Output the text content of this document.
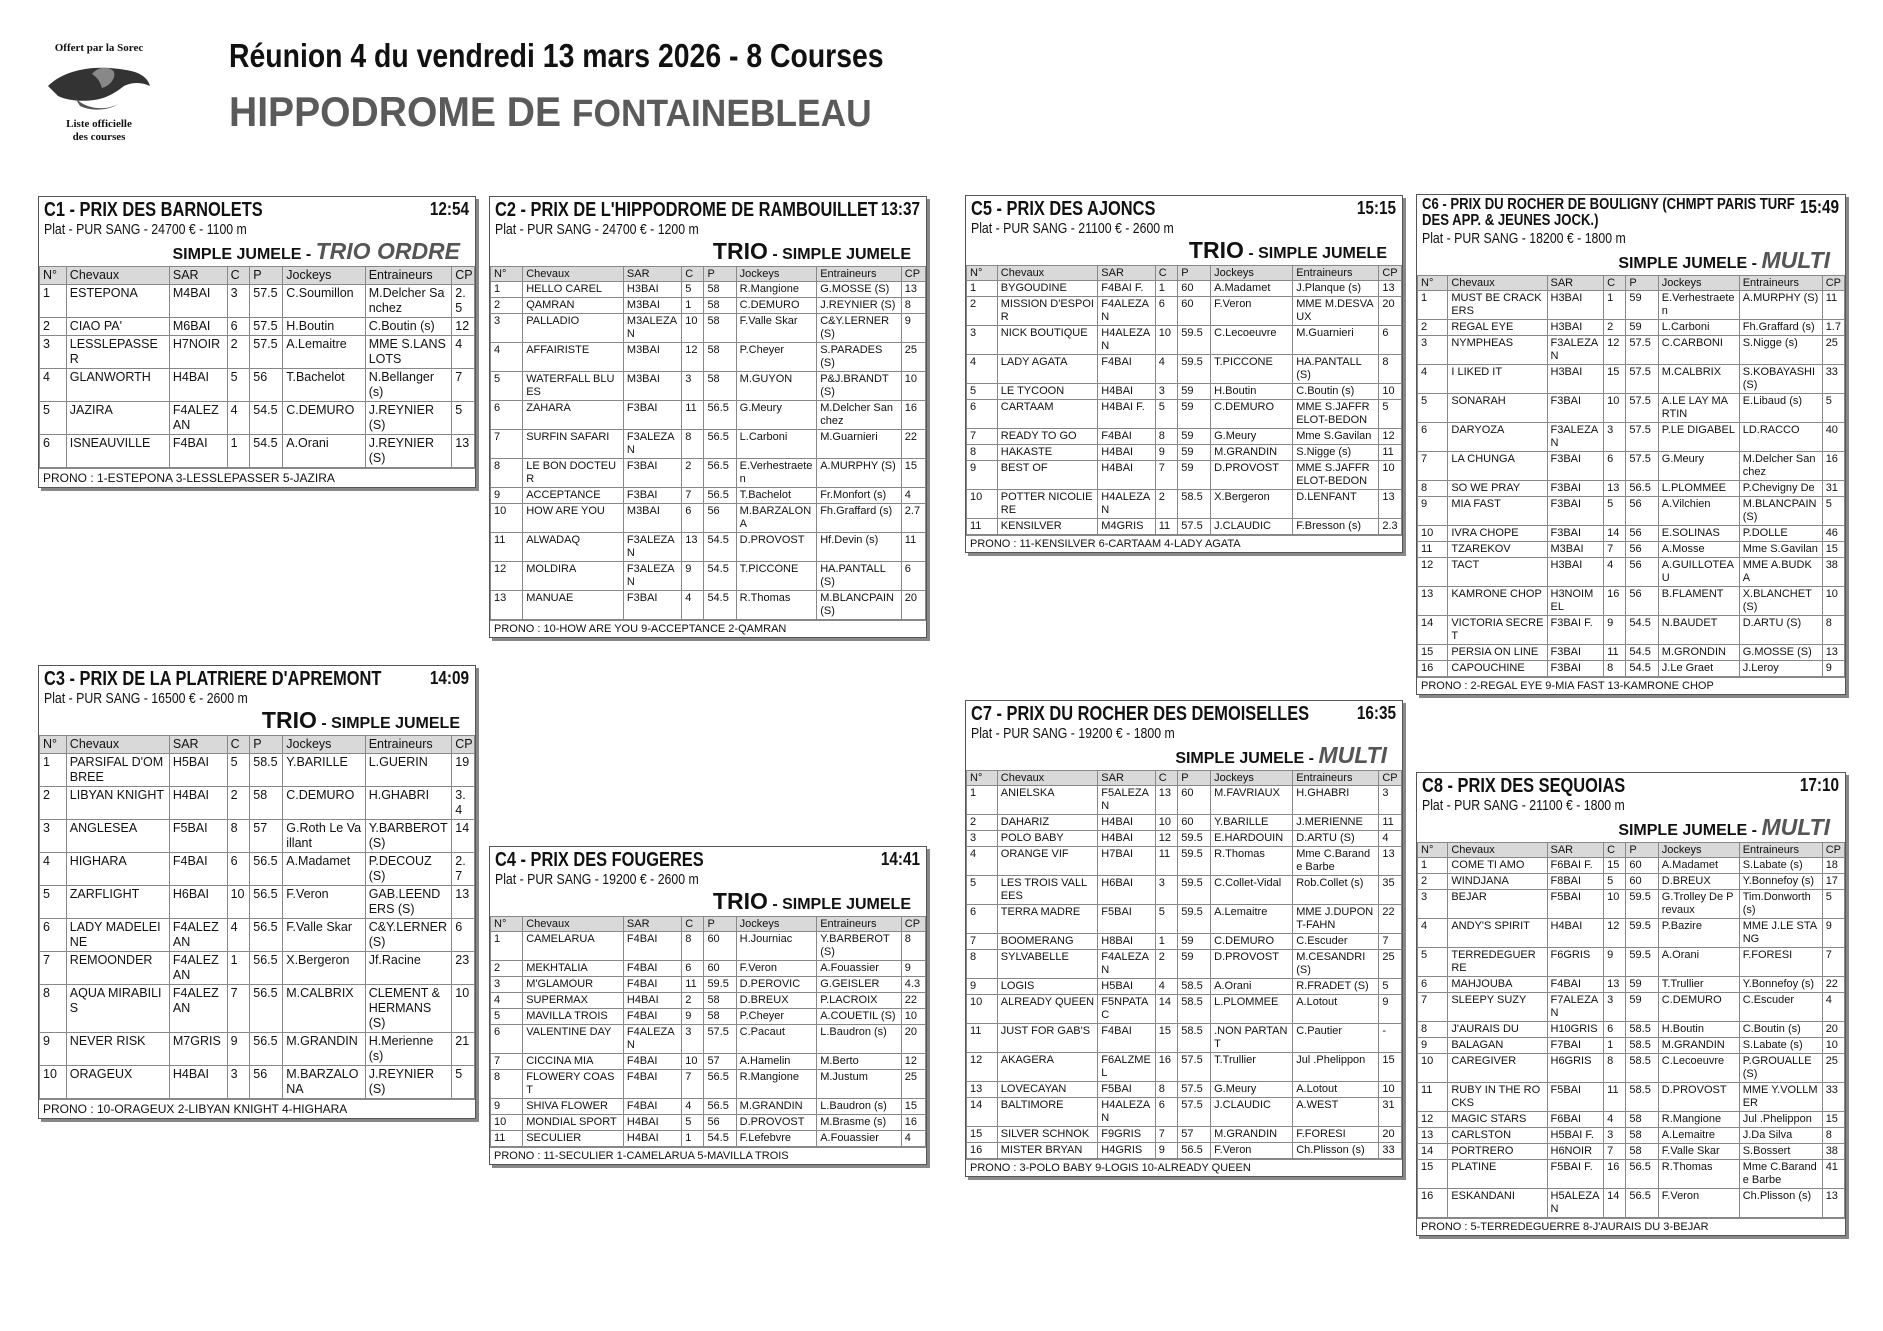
Offert par la Sorec
Liste officielle
des courses
Réunion 4 du vendredi 13 mars 2026 - 8 Courses
HIPPODROME DE FONTAINEBLEAU
C1 - PRIX DES BARNOLETS	12:54
Plat - PUR SANG - 24700 € - 1100 m
SIMPLE JUMELE - TRIO ORDRE
N°	Chevaux	SAR	C	P	Jockeys	Entraineurs	CP
1	ESTEPONA	M4BAI	3	57.5	C.Soumillon	M.Delcher Sanchez	2.5
2	CIAO PA'	M6BAI	6	57.5	H.Boutin	C.Boutin (s)	12
3	LESSLEPASSER	H7NOIR	2	57.5	A.Lemaitre	MME S.LANSLOTS	4
4	GLANWORTH	H4BAI	5	56	T.Bachelot	N.Bellanger (s)	7
5	JAZIRA	F4ALEZAN	4	54.5	C.DEMURO	J.REYNIER (S)	5
6	ISNEAUVILLE	F4BAI	1	54.5	A.Orani	J.REYNIER (S)	13
PRONO : 1-ESTEPONA 3-LESSLEPASSER 5-JAZIRA
C3 - PRIX DE LA PLATRIERE D'APREMONT	14:09
Plat - PUR SANG - 16500 € - 2600 m
TRIO - SIMPLE JUMELE
N°	Chevaux	SAR	C	P	Jockeys	Entraineurs	CP
1	PARSIFAL D'OMBREE	H5BAI	5	58.5	Y.BARILLE	L.GUERIN	19
2	LIBYAN KNIGHT	H4BAI	2	58	C.DEMURO	H.GHABRI	3.4
3	ANGLESEA	F5BAI	8	57	G.Roth Le Vaillant	Y.BARBEROT (S)	14
4	HIGHARA	F4BAI	6	56.5	A.Madamet	P.DECOUZ (S)	2.7
5	ZARFLIGHT	H6BAI	10	56.5	F.Veron	GAB.LEENDERS (S)	13
6	LADY MADELEINE	F4ALEZAN	4	56.5	F.Valle Skar	C&Y.LERNER (S)	6
7	REMOONDER	F4ALEZAN	1	56.5	X.Bergeron	Jf.Racine	23
8	AQUA MIRABILIS	F4ALEZAN	7	56.5	M.CALBRIX	CLEMENT & HERMANS (S)	10
9	NEVER RISK	M7GRIS	9	56.5	M.GRANDIN	H.Merienne (s)	21
10	ORAGEUX	H4BAI	3	56	M.BARZALONA	J.REYNIER (S)	5
PRONO : 10-ORAGEUX 2-LIBYAN KNIGHT 4-HIGHARA
C2 - PRIX DE L'HIPPODROME DE RAMBOUILLET 13:37
Plat - PUR SANG - 24700 € - 1200 m
TRIO - SIMPLE JUMELE
N°	Chevaux	SAR	C	P	Jockeys	Entraineurs	CP
1	HELLO CAREL	H3BAI	5	58	R.Mangione	G.MOSSE (S)	13
2	QAMRAN	M3BAI	1	58	C.DEMURO	J.REYNIER (S)	8
3	PALLADIO	M3ALEZAN	10	58	F.Valle Skar	C&Y.LERNER (S)	9
4	AFFAIRISTE	M3BAI	12	58	P.Cheyer	S.PARADES (S)	25
5	WATERFALL BLUES	M3BAI	3	58	M.GUYON	P&J.BRANDT (S)	10
6	ZAHARA	F3BAI	11	56.5	G.Meury	M.Delcher Sanchez	16
7	SURFIN SAFARI	F3ALEZAN	8	56.5	L.Carboni	M.Guarnieri	22
8	LE BON DOCTEUR	F3BAI	2	56.5	E.Verhestraeten	A.MURPHY (S)	15
9	ACCEPTANCE	F3BAI	7	56.5	T.Bachelot	Fr.Monfort (s)	4
10	HOW ARE YOU	M3BAI	6	56	M.BARZALONA	Fh.Graffard (s)	2.7
11	ALWADAQ	F3ALEZAN	13	54.5	D.PROVOST	Hf.Devin (s)	11
12	MOLDIRA	F3ALEZAN	9	54.5	T.PICCONE	HA.PANTALL (S)	6
13	MANUAE	F3BAI	4	54.5	R.Thomas	M.BLANCPAIN (S)	20
PRONO : 10-HOW ARE YOU 9-ACCEPTANCE 2-QAMRAN
C4 - PRIX DES FOUGERES	14:41
Plat - PUR SANG - 19200 € - 2600 m
TRIO - SIMPLE JUMELE
N°	Chevaux	SAR	C	P	Jockeys	Entraineurs	CP
1	CAMELARUA	F4BAI	8	60	H.Journiac	Y.BARBEROT (S)	8
2	MEKHTALIA	F4BAI	6	60	F.Veron	A.Fouassier	9
3	M'GLAMOUR	F4BAI	11	59.5	D.PEROVIC	G.GEISLER	4.3
4	SUPERMAX	H4BAI	2	58	D.BREUX	P.LACROIX	22
5	MAVILLA TROIS	F4BAI	9	58	P.Cheyer	A.COUETIL (S)	10
6	VALENTINE DAY	F4ALEZAN	3	57.5	C.Pacaut	L.Baudron (s)	20
7	CICCINA MIA	F4BAI	10	57	A.Hamelin	M.Berto	12
8	FLOWERY COAST	F4BAI	7	56.5	R.Mangione	M.Justum	25
9	SHIVA FLOWER	F4BAI	4	56.5	M.GRANDIN	L.Baudron (s)	15
10	MONDIAL SPORT	H4BAI	5	56	D.PROVOST	M.Brasme (s)	16
11	SECULIER	H4BAI	1	54.5	F.Lefebvre	A.Fouassier	4
PRONO : 11-SECULIER 1-CAMELARUA 5-MAVILLA TROIS
C5 - PRIX DES AJONCS	15:15
Plat - PUR SANG - 21100 € - 2600 m
TRIO - SIMPLE JUMELE
N°	Chevaux	SAR	C	P	Jockeys	Entraineurs	CP
1	BYGOUDINE	F4BAI F.	1	60	A.Madamet	J.Planque (s)	13
2	MISSION D'ESPOIR	F4ALEZAN	6	60	F.Veron	MME M.DESVAUX	20
3	NICK BOUTIQUE	H4ALEZAN	10	59.5	C.Lecoeuvre	M.Guarnieri	6
4	LADY AGATA	F4BAI	4	59.5	T.PICCONE	HA.PANTALL (S)	8
5	LE TYCOON	H4BAI	3	59	H.Boutin	C.Boutin (s)	10
6	CARTAAM	H4BAI F.	5	59	C.DEMURO	MME S.JAFFRELOT-BEDON	5
7	READY TO GO	F4BAI	8	59	G.Meury	Mme S.Gavilan	12
8	HAKASTE	H4BAI	9	59	M.GRANDIN	S.Nigge (s)	11
9	BEST OF	H4BAI	7	59	D.PROVOST	MME S.JAFFRELOT-BEDON	10
10	POTTER NICOLIERE	H4ALEZAN	2	58.5	X.Bergeron	D.LENFANT	13
11	KENSILVER	M4GRIS	11	57.5	J.CLAUDIC	F.Bresson (s)	2.3
PRONO : 11-KENSILVER 6-CARTAAM 4-LADY AGATA
C7 - PRIX DU ROCHER DES DEMOISELLES	16:35
Plat - PUR SANG - 19200 € - 1800 m
SIMPLE JUMELE - MULTI
N°	Chevaux	SAR	C	P	Jockeys	Entraineurs	CP
1	ANIELSKA	F5ALEZAN	13	60	M.FAVRIAUX	H.GHABRI	3
2	DAHARIZ	H4BAI	10	60	Y.BARILLE	J.MERIENNE	11
3	POLO BABY	H4BAI	12	59.5	E.HARDOUIN	D.ARTU (S)	4
4	ORANGE VIF	H7BAI	11	59.5	R.Thomas	Mme C.Barande Barbe	13
5	LES TROIS VALLEES	H6BAI	3	59.5	C.Collet-Vidal	Rob.Collet (s)	35
6	TERRA MADRE	F5BAI	5	59.5	A.Lemaitre	MME J.DUPONT-FAHN	22
7	BOOMERANG	H8BAI	1	59	C.DEMURO	C.Escuder	7
8	SYLVABELLE	F4ALEZAN	2	59	D.PROVOST	M.CESANDRI (S)	25
9	LOGIS	H5BAI	4	58.5	A.Orani	R.FRADET (S)	5
10	ALREADY QUEEN	F5NPATAC	14	58.5	L.PLOMMEE	A.Lotout	9
11	JUST FOR GAB'S	F4BAI	15	58.5	.NON PARTANT	C.Pautier	-
12	AKAGERA	F6ALZMEL	16	57.5	T.Trullier	Jul .Phelippon	15
13	LOVECAYAN	F5BAI	8	57.5	G.Meury	A.Lotout	10
14	BALTIMORE	H4ALEZAN	6	57.5	J.CLAUDIC	A.WEST	31
15	SILVER SCHNOK	F9GRIS	7	57	M.GRANDIN	F.FORESI	20
16	MISTER BRYAN	H4GRIS	9	56.5	F.Veron	Ch.Plisson (s)	33
PRONO : 3-POLO BABY 9-LOGIS 10-ALREADY QUEEN
C6 - PRIX DU ROCHER DE BOULIGNY (CHMPT PARIS TURF DES APP. & JEUNES JOCK.)
15:49
Plat - PUR SANG - 18200 € - 1800 m
SIMPLE JUMELE - MULTI
N°	Chevaux	SAR	C	P	Jockeys	Entraineurs	CP
1	MUST BE CRACKERS	H3BAI	1	59	E.Verhestraeten	A.MURPHY (S)	11
2	REGAL EYE	H3BAI	2	59	L.Carboni	Fh.Graffard (s)	1.7
3	NYMPHEAS	F3ALEZAN	12	57.5	C.CARBONI	S.Nigge (s)	25
4	I LIKED IT	H3BAI	15	57.5	M.CALBRIX	S.KOBAYASHI (S)	33
5	SONARAH	F3BAI	10	57.5	A.LE LAY MARTIN	E.Libaud (s)	5
6	DARYOZA	F3ALEZAN	3	57.5	P.LE DIGABEL	LD.RACCO	40
7	LA CHUNGA	F3BAI	6	57.5	G.Meury	M.Delcher Sanchez	16
8	SO WE PRAY	F3BAI	13	56.5	L.PLOMMEE	P.Chevigny De	31
9	MIA FAST	F3BAI	5	56	A.Vilchien	M.BLANCPAIN (S)	5
10	IVRA CHOPE	F3BAI	14	56	E.SOLINAS	P.DOLLE	46
11	TZAREKOV	M3BAI	7	56	A.Mosse	Mme S.Gavilan	15
12	TACT	H3BAI	4	56	A.GUILLOTEAU	MME A.BUDKA	38
13	KAMRONE CHOP	H3NOIMEL	16	56	B.FLAMENT	X.BLANCHET (S)	10
14	VICTORIA SECRET	F3BAI F.	9	54.5	N.BAUDET	D.ARTU (S)	8
15	PERSIA ON LINE	F3BAI	11	54.5	M.GRONDIN	G.MOSSE (S)	13
16	CAPOUCHINE	F3BAI	8	54.5	J.Le Graet	J.Leroy	9
PRONO : 2-REGAL EYE 9-MIA FAST 13-KAMRONE CHOP
C8 - PRIX DES SEQUOIAS	17:10
Plat - PUR SANG - 21100 € - 1800 m
SIMPLE JUMELE - MULTI
N°	Chevaux	SAR	C	P	Jockeys	Entraineurs	CP
1	COME TI AMO	F6BAI F.	15	60	A.Madamet	S.Labate (s)	18
2	WINDJANA	F8BAI	5	60	D.BREUX	Y.Bonnefoy (s)	17
3	BEJAR	F5BAI	10	59.5	G.Trolley De Prevaux	Tim.Donworth (s)	5
4	ANDY'S SPIRIT	H4BAI	12	59.5	P.Bazire	MME J.LE STANG	9
5	TERREDEGUERRE	F6GRIS	9	59.5	A.Orani	F.FORESI	7
6	MAHJOUBA	F4BAI	13	59	T.Trullier	Y.Bonnefoy (s)	22
7	SLEEPY SUZY	F7ALEZAN	3	59	C.DEMURO	C.Escuder	4
8	J'AURAIS DU	H10GRIS	6	58.5	H.Boutin	C.Boutin (s)	20
9	BALAGAN	F7BAI	1	58.5	M.GRANDIN	S.Labate (s)	10
10	CAREGIVER	H6GRIS	8	58.5	C.Lecoeuvre	P.GROUALLE (S)	25
11	RUBY IN THE ROCKS	F5BAI	11	58.5	D.PROVOST	MME Y.VOLLMER	33
12	MAGIC STARS	F6BAI	4	58	R.Mangione	Jul .Phelippon	15
13	CARLSTON	H5BAI F.	3	58	A.Lemaitre	J.Da Silva	8
14	PORTRERO	H6NOIR	7	58	F.Valle Skar	S.Bossert	38
15	PLATINE	F5BAI F.	16	56.5	R.Thomas	Mme C.Barande Barbe	41
16	ESKANDANI	H5ALEZAN	14	56.5	F.Veron	Ch.Plisson (s)	13
PRONO : 5-TERREDEGUERRE 8-J'AURAIS DU 3-BEJAR
